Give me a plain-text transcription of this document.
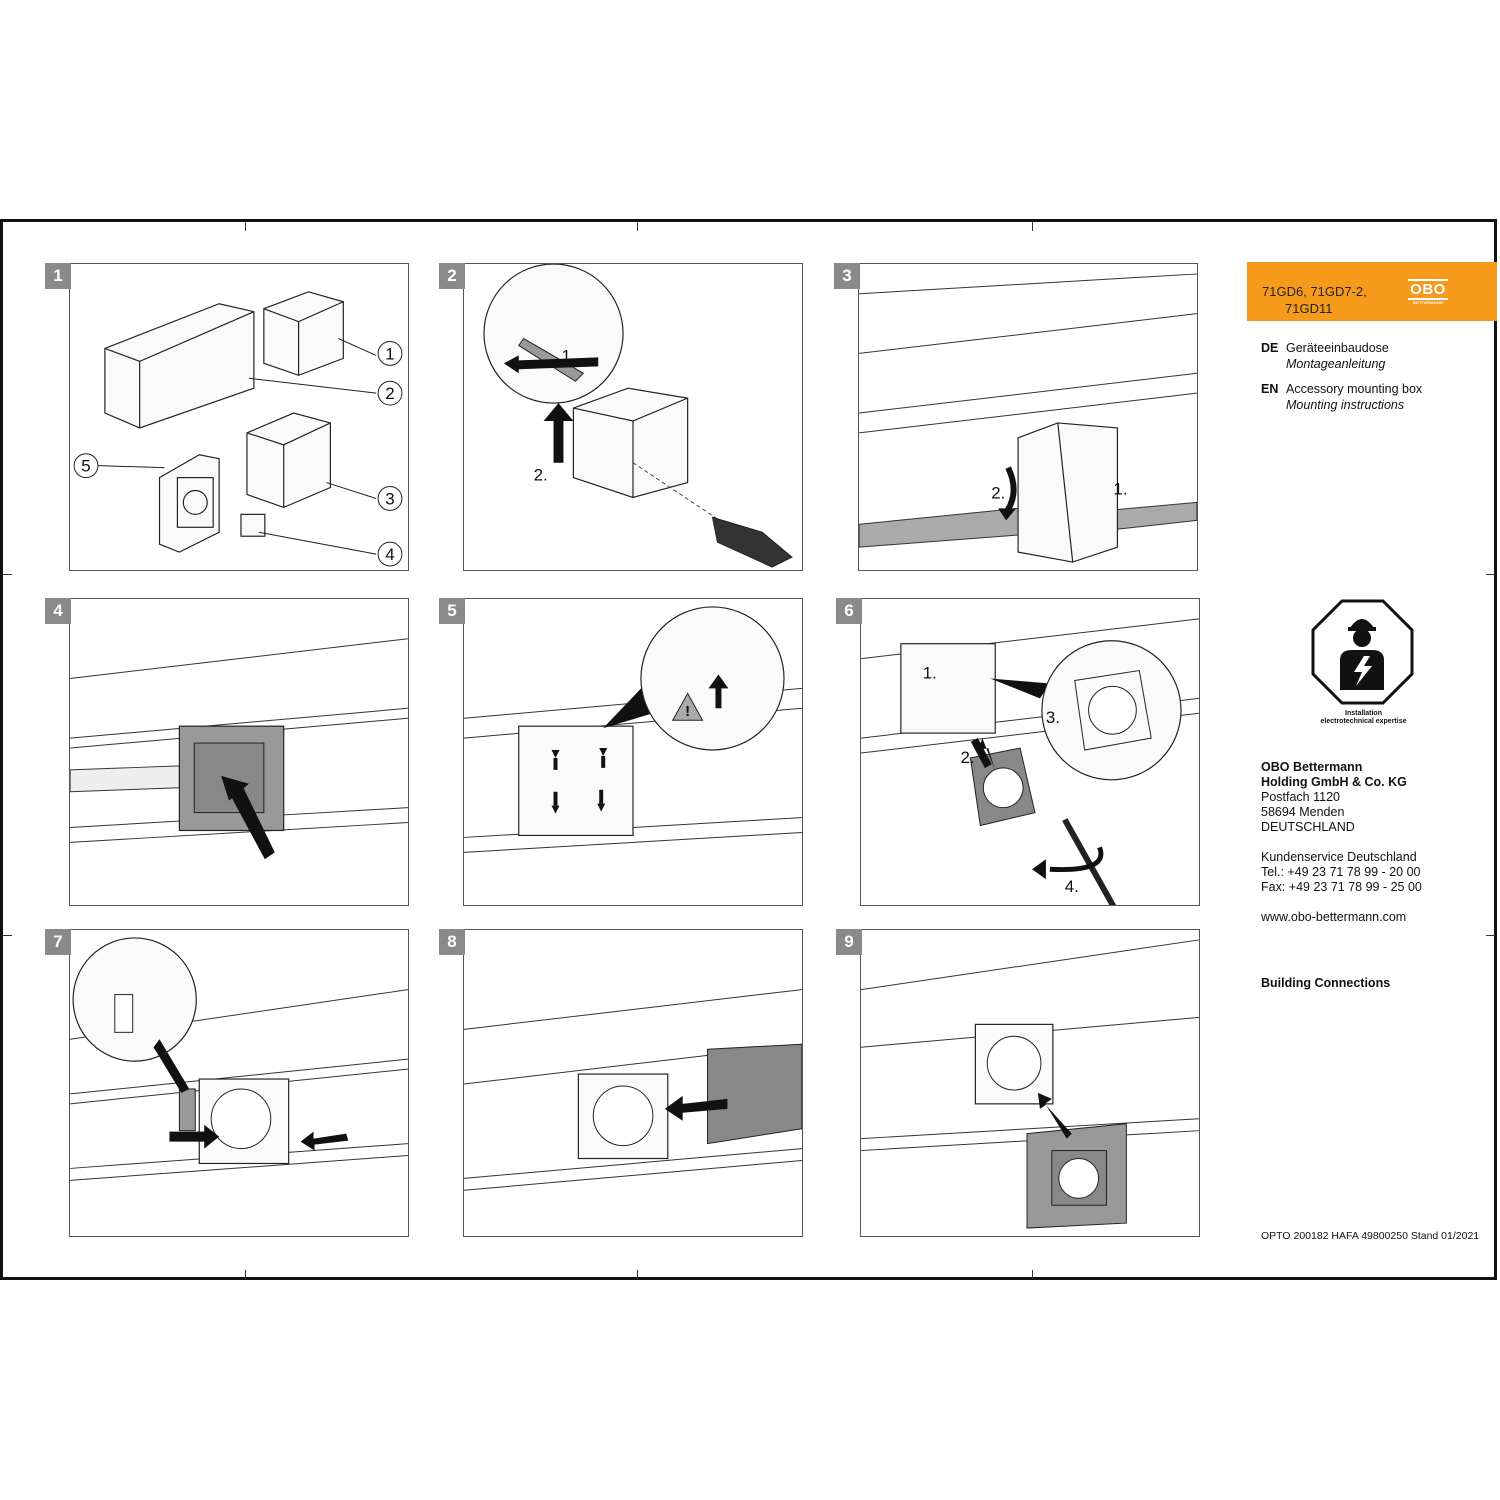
1
2
3
4
5
1
1.
2.
2
2.	1.
3
4
!
5
1.
2.
3.
4.
6
7	8	9
71GD6, 71GD7-2,
71GD11
OBO
BETTERMANN
DE Geräteeinbaudose
Montageanleitung
EN Accessory mounting box
Mounting instructions
Installation
electrotechnical expertise
OBO Bettermann
Holding GmbH & Co. KG
Postfach 1120
58694 Menden
DEUTSCHLAND
Kundenservice Deutschland
Tel.: +49 23 71 78 99 - 20 00
Fax: +49 23 71 78 99 - 25 00
www.obo-bettermann.com
Building Connections
OPTO 200182 HAFA 49800250 Stand 01/2021
